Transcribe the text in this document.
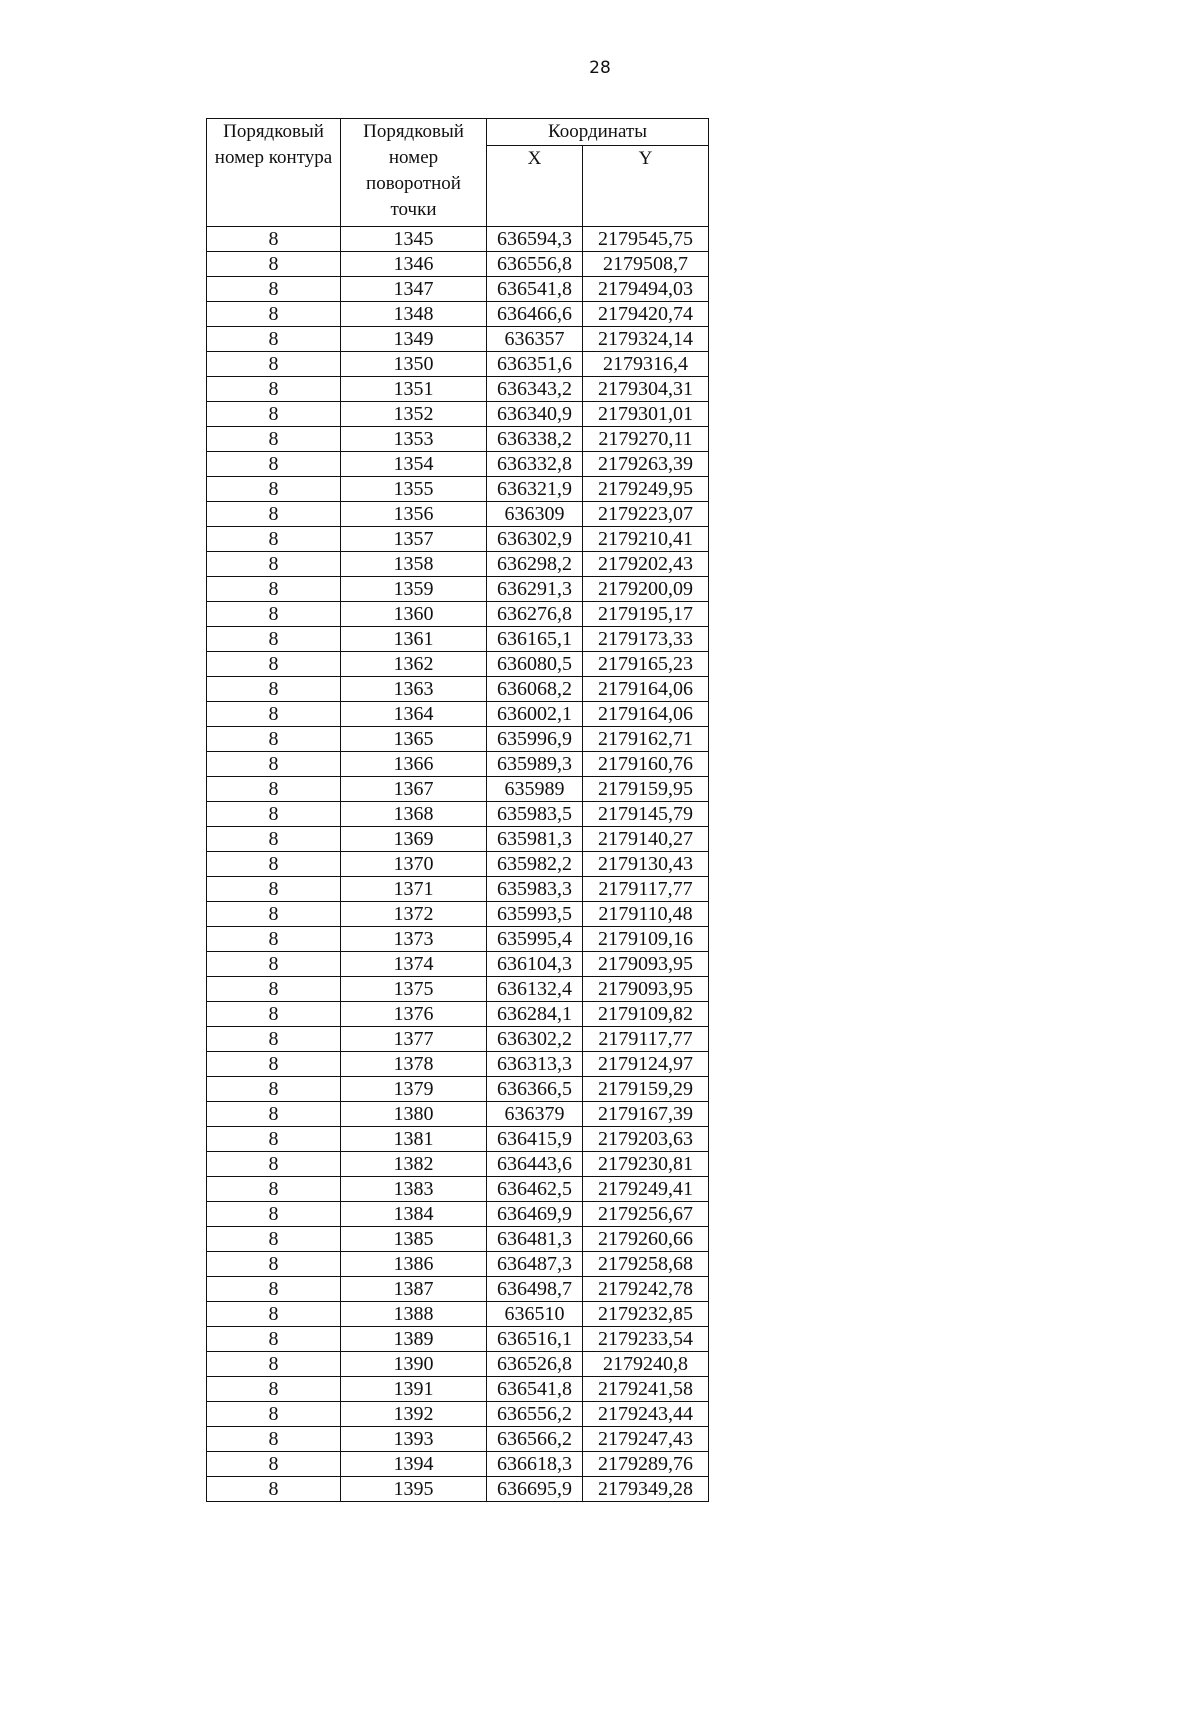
28
Порядковый номер контура	Порядковый номер поворотной точки	Координаты	
		X	Y
8	1345	636594,3	2179545,75
8	1346	636556,8	2179508,7
8	1347	636541,8	2179494,03
8	1348	636466,6	2179420,74
8	1349	636357	2179324,14
8	1350	636351,6	2179316,4
8	1351	636343,2	2179304,31
8	1352	636340,9	2179301,01
8	1353	636338,2	2179270,11
8	1354	636332,8	2179263,39
8	1355	636321,9	2179249,95
8	1356	636309	2179223,07
8	1357	636302,9	2179210,41
8	1358	636298,2	2179202,43
8	1359	636291,3	2179200,09
8	1360	636276,8	2179195,17
8	1361	636165,1	2179173,33
8	1362	636080,5	2179165,23
8	1363	636068,2	2179164,06
8	1364	636002,1	2179164,06
8	1365	635996,9	2179162,71
8	1366	635989,3	2179160,76
8	1367	635989	2179159,95
8	1368	635983,5	2179145,79
8	1369	635981,3	2179140,27
8	1370	635982,2	2179130,43
8	1371	635983,3	2179117,77
8	1372	635993,5	2179110,48
8	1373	635995,4	2179109,16
8	1374	636104,3	2179093,95
8	1375	636132,4	2179093,95
8	1376	636284,1	2179109,82
8	1377	636302,2	2179117,77
8	1378	636313,3	2179124,97
8	1379	636366,5	2179159,29
8	1380	636379	2179167,39
8	1381	636415,9	2179203,63
8	1382	636443,6	2179230,81
8	1383	636462,5	2179249,41
8	1384	636469,9	2179256,67
8	1385	636481,3	2179260,66
8	1386	636487,3	2179258,68
8	1387	636498,7	2179242,78
8	1388	636510	2179232,85
8	1389	636516,1	2179233,54
8	1390	636526,8	2179240,8
8	1391	636541,8	2179241,58
8	1392	636556,2	2179243,44
8	1393	636566,2	2179247,43
8	1394	636618,3	2179289,76
8	1395	636695,9	2179349,28
